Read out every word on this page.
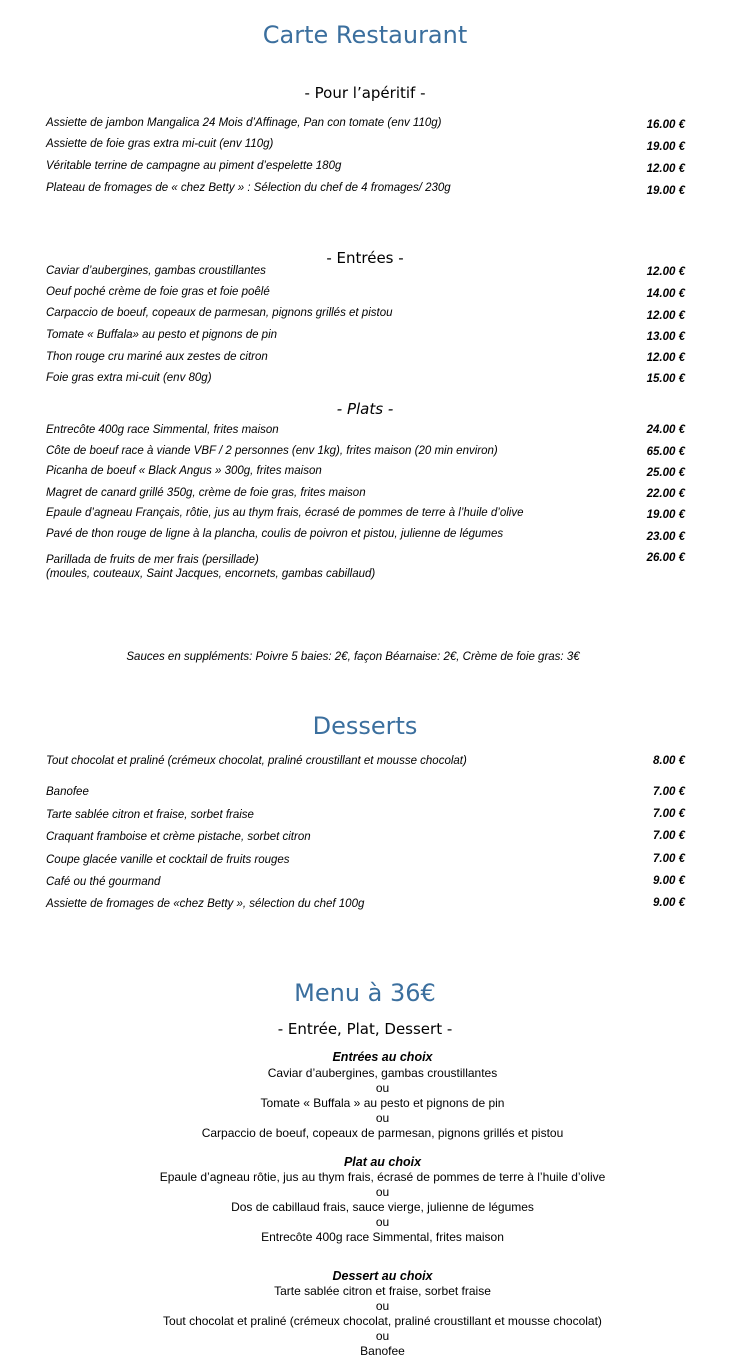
Carte Restaurant
- Pour l’apéritif -
Assiette de jambon Mangalica 24 Mois d’Affinage, Pan con tomate (env 110g)	16.00 €
Assiette de foie gras extra mi-cuit (env 110g)	19.00 €
Véritable terrine de campagne au piment d’espelette 180g	12.00 €
Plateau de fromages de « chez Betty » : Sélection du chef de 4 fromages/ 230g	19.00 €
- Entrées -
Caviar d’aubergines, gambas croustillantes	12.00 €
Oeuf poché crème de foie gras et foie poêlé	14.00 €
Carpaccio de boeuf, copeaux de parmesan, pignons grillés et pistou	12.00 €
Tomate « Buffala» au pesto et pignons de pin	13.00 €
Thon rouge cru mariné aux zestes de citron	12.00 €
Foie gras extra mi-cuit (env 80g)	15.00 €
- Plats -
Entrecôte 400g race Simmental, frites maison	24.00 €
Côte de boeuf race à viande VBF / 2 personnes (env 1kg), frites maison (20 min environ)	65.00 €
Picanha de boeuf « Black Angus » 300g, frites maison	25.00 €
Magret de canard grillé 350g, crème de foie gras, frites maison	22.00 €
Epaule d’agneau Français, rôtie, jus au thym frais, écrasé de pommes de terre à l’huile d’olive	19.00 €
Pavé de thon rouge de ligne à la plancha, coulis de poivron et pistou, julienne de légumes	23.00 €
Parillada de fruits de mer frais (persillade)	26.00 €
(moules, couteaux, Saint Jacques, encornets, gambas cabillaud)
Sauces en suppléments: Poivre 5 baies: 2€, façon Béarnaise: 2€, Crème de foie gras: 3€
Desserts
Tout chocolat et praliné (crémeux chocolat, praliné croustillant et mousse chocolat)	8.00 €
Banofee	7.00 €
Tarte sablée citron et fraise, sorbet fraise	7.00 €
Craquant framboise et crème pistache, sorbet citron	7.00 €
Coupe glacée vanille et cocktail de fruits rouges	7.00 €
Café ou thé gourmand	9.00 €
Assiette de fromages de «chez Betty », sélection du chef 100g	9.00 €
Menu à 36€
- Entrée, Plat, Dessert -
Entrées au choix
Caviar d’aubergines, gambas croustillantes
ou
Tomate « Buffala » au pesto et pignons de pin
ou
Carpaccio de boeuf, copeaux de parmesan, pignons grillés et pistou
Plat au choix
Epaule d’agneau rôtie, jus au thym frais, écrasé de pommes de terre à l’huile d’olive
ou
Dos de cabillaud frais, sauce vierge, julienne de légumes
ou
Entrecôte 400g race Simmental, frites maison
Dessert au choix
Tarte sablée citron et fraise, sorbet fraise
ou
Tout chocolat et praliné (crémeux chocolat, praliné croustillant et mousse chocolat)
ou
Banofee
